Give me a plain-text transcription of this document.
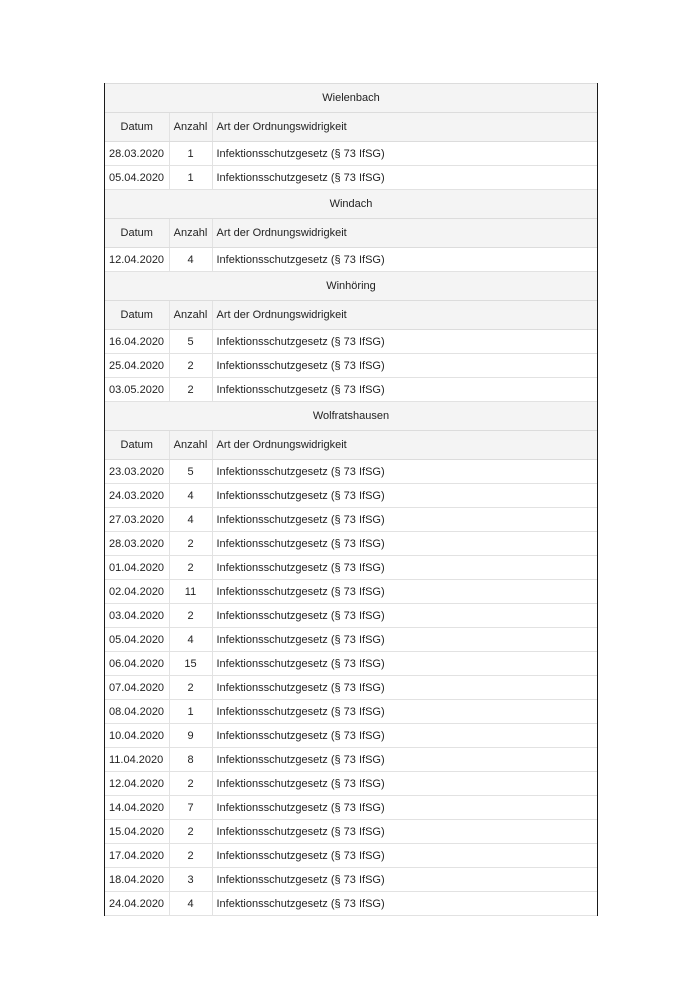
Wielenbach		
Datum	Anzahl	Art der Ordnungswidrigkeit
28.03.2020	1	Infektionsschutzgesetz (§ 73 IfSG)
05.04.2020	1	Infektionsschutzgesetz (§ 73 IfSG)
Windach		
Datum	Anzahl	Art der Ordnungswidrigkeit
12.04.2020	4	Infektionsschutzgesetz (§ 73 IfSG)
Winhöring		
Datum	Anzahl	Art der Ordnungswidrigkeit
16.04.2020	5	Infektionsschutzgesetz (§ 73 IfSG)
25.04.2020	2	Infektionsschutzgesetz (§ 73 IfSG)
03.05.2020	2	Infektionsschutzgesetz (§ 73 IfSG)
Wolfratshausen		
Datum	Anzahl	Art der Ordnungswidrigkeit
23.03.2020	5	Infektionsschutzgesetz (§ 73 IfSG)
24.03.2020	4	Infektionsschutzgesetz (§ 73 IfSG)
27.03.2020	4	Infektionsschutzgesetz (§ 73 IfSG)
28.03.2020	2	Infektionsschutzgesetz (§ 73 IfSG)
01.04.2020	2	Infektionsschutzgesetz (§ 73 IfSG)
02.04.2020	11	Infektionsschutzgesetz (§ 73 IfSG)
03.04.2020	2	Infektionsschutzgesetz (§ 73 IfSG)
05.04.2020	4	Infektionsschutzgesetz (§ 73 IfSG)
06.04.2020	15	Infektionsschutzgesetz (§ 73 IfSG)
07.04.2020	2	Infektionsschutzgesetz (§ 73 IfSG)
08.04.2020	1	Infektionsschutzgesetz (§ 73 IfSG)
10.04.2020	9	Infektionsschutzgesetz (§ 73 IfSG)
11.04.2020	8	Infektionsschutzgesetz (§ 73 IfSG)
12.04.2020	2	Infektionsschutzgesetz (§ 73 IfSG)
14.04.2020	7	Infektionsschutzgesetz (§ 73 IfSG)
15.04.2020	2	Infektionsschutzgesetz (§ 73 IfSG)
17.04.2020	2	Infektionsschutzgesetz (§ 73 IfSG)
18.04.2020	3	Infektionsschutzgesetz (§ 73 IfSG)
24.04.2020	4	Infektionsschutzgesetz (§ 73 IfSG)
